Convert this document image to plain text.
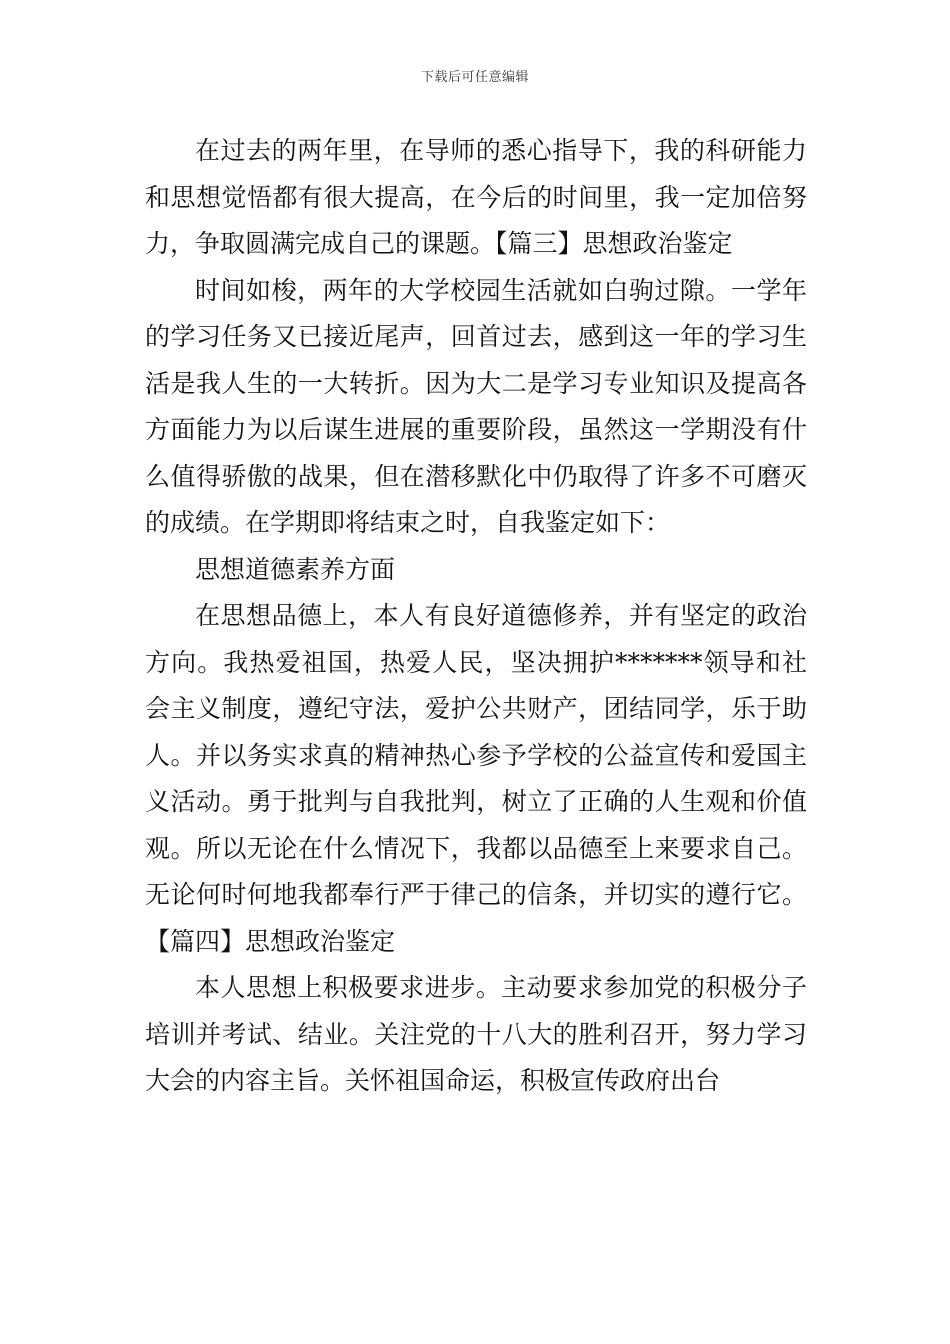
下载后可任意编辑

在过去的两年里，在导师的悉心指导下，我的科研能力和思想觉悟都有很大提高，在今后的时间里，我一定加倍努力，争取圆满完成自己的课题。【篇三】思想政治鉴定

时间如梭，两年的大学校园生活就如白驹过隙。一学年的学习任务又已接近尾声，回首过去，感到这一年的学习生活是我人生的一大转折。因为大二是学习专业知识及提高各方面能力为以后谋生进展的重要阶段，虽然这一学期没有什么值得骄傲的战果，但在潜移默化中仍取得了许多不可磨灭的成绩。在学期即将结束之时，自我鉴定如下：

思想道德素养方面

在思想品德上，本人有良好道德修养，并有坚定的政治方向。我热爱祖国，热爱人民，坚决拥护*******领导和社会主义制度，遵纪守法，爱护公共财产，团结同学，乐于助人。并以务实求真的精神热心参予学校的公益宣传和爱国主义活动。勇于批判与自我批判，树立了正确的人生观和价值观。所以无论在什么情况下，我都以品德至上来要求自己。无论何时何地我都奉行严于律己的信条，并切实的遵行它。【篇四】思想政治鉴定

本人思想上积极要求进步。主动要求参加党的积极分子培训并考试、结业。关注党的十八大的胜利召开，努力学习大会的内容主旨。关怀祖国命运，积极宣传政府出台
